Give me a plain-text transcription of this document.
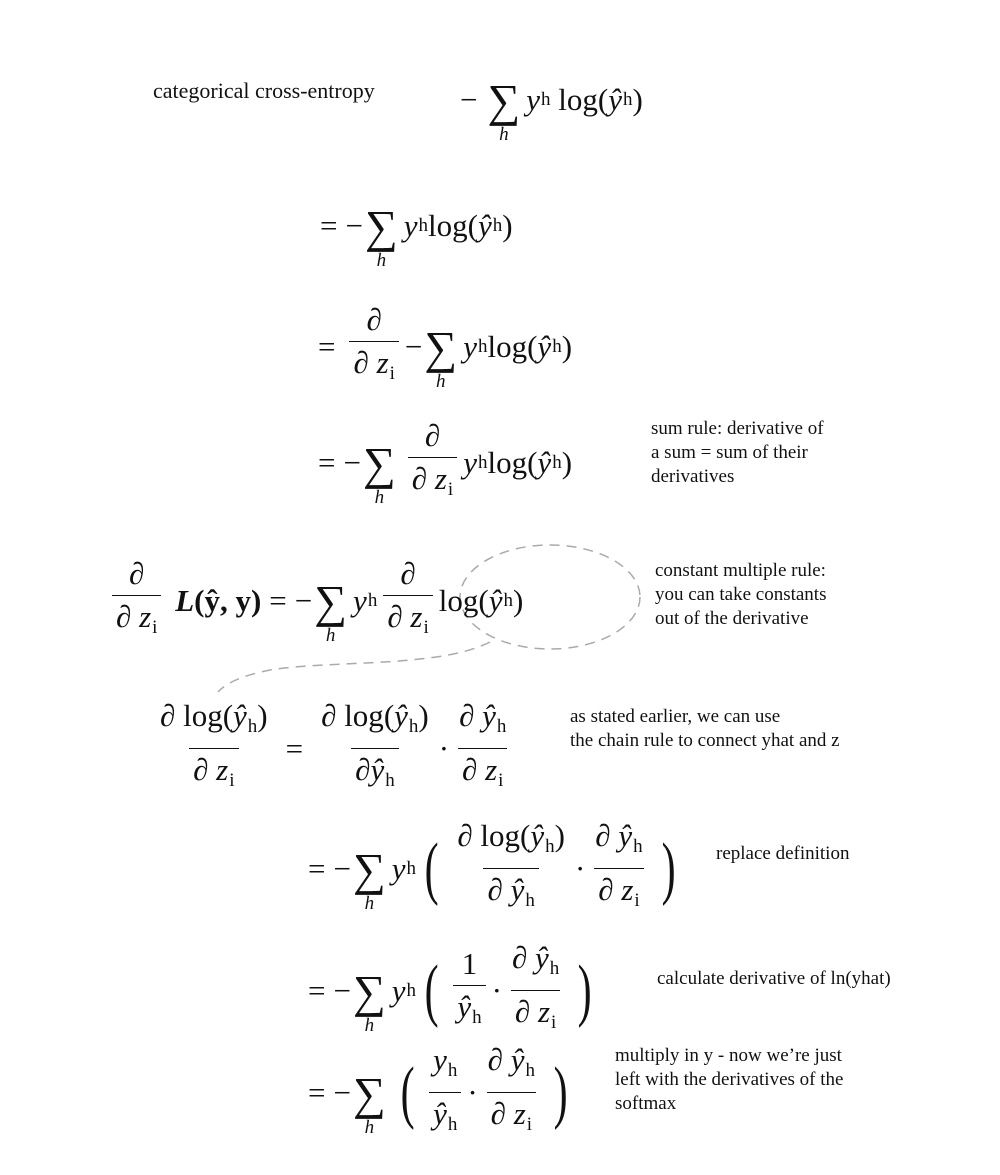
categorical cross-entropy	− ∑
h
y h
log ( ŷ h )
= − ∑
h
y h log ( ŷ h )
= $\frac{\partial}{\partial z_i}$ − ∑
h
y h log ( ŷ h )
= − ∑
h $\frac{\partial}{\partial z_i}$ y h log ( ŷ h )
sum rule: derivative of
a sum = sum of their
derivatives
$\frac{\partial}{\partial z_i}$
L (ŷ, y) = − ∑
h
y h $\frac{\partial}{\partial z_i}$ log ( ŷ h )
constant multiple rule:
you can take constants
out of the derivative
$\frac{\partial \log(ŷ_h)}{\partial z_i} = \frac{\partial \log(ŷ_h)}{\partial ŷ_h} \cdot \frac{\partial ŷ_h}{\partial z_i}$	as stated earlier, we can use
the chain rule to connect yhat and z
= − ∑
h
y h ( $\frac{\partial \log(ŷ_h)}{\partial ŷ_h} \cdot \frac{\partial ŷ_h}{\partial z_i}$ ) replace definition
= − ∑
h
y h ( $\frac{1}{ŷ_h} \cdot \frac{\partial ŷ_h}{\partial z_i}$ )	calculate derivative of ln(yhat)
= − ∑
h ( $\frac{y_h}{ŷ_h} \cdot \frac{\partial ŷ_h}{\partial z_i}$ ) multiply in y - now we’re just
left with the derivatives of the
softmax
